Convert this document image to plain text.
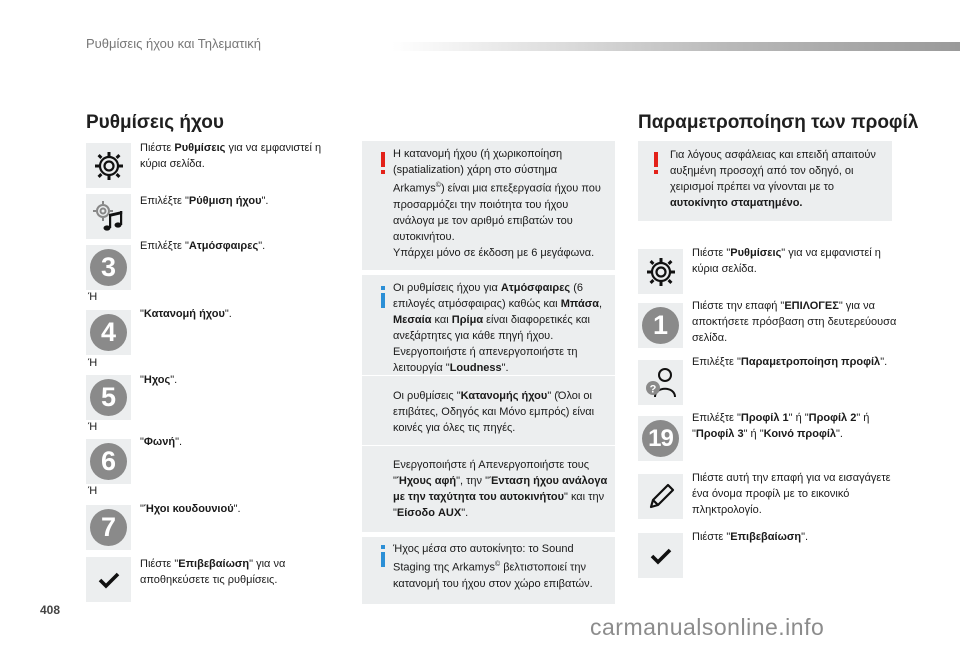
Ρυθμίσεις ήχου και Τηλεματική
Ρυθμίσεις ήχου
Πιέστε Ρυθμίσεις για να εμφανιστεί η κύρια σελίδα.
Επιλέξτε "Ρύθμιση ήχου".
3
Επιλέξτε "Ατμόσφαιρες".
Ή
4
"Κατανομή ήχου".
Ή
5
"Ηχος".
Ή
6
"Φωνή".
Ή
7
"Ήχοι κουδουνιού".
Πιέστε "Επιβεβαίωση" για να αποθηκεύσετε τις ρυθμίσεις.
Η κατανομή ήχου (ή χωρικοποίηση (spatialization) χάρη στο σύστημα Arkamys©) είναι μια επεξεργασία ήχου που προσαρμόζει την ποιότητα του ήχου ανάλογα με τον αριθμό επιβατών του αυτοκινήτου.
Υπάρχει μόνο σε έκδοση με 6 μεγάφωνα.
Οι ρυθμίσεις ήχου για Ατμόσφαιρες (6 επιλογές ατμόσφαιρας) καθώς και Μπάσα, Μεσαία και Πρίμα είναι διαφορετικές και ανεξάρτητες για κάθε πηγή ήχου.
Ενεργοποιήστε ή απενεργοποιήστε τη λειτουργία "Loudness".
Οι ρυθμίσεις "Κατανομής ήχου" (Όλοι οι επιβάτες, Οδηγός και Μόνο εμπρός) είναι κοινές για όλες τις πηγές.
Ενεργοποιήστε ή Απενεργοποιήστε τους "Ήχους αφή", την "Ένταση ήχου ανάλογα με την ταχύτητα του αυτοκινήτου" και την "Είσοδο AUX".
Ήχος μέσα στο αυτοκίνητο: το Sound Staging της Arkamys© βελτιστοποιεί την κατανομή του ήχου στον χώρο επιβατών.
Παραμετροποίηση των προφίλ
Για λόγους ασφάλειας και επειδή απαιτούν αυξημένη προσοχή από τον οδηγό, οι χειρισμοί πρέπει να γίνονται με το αυτοκίνητο σταματημένο.
Πιέστε "Ρυθμίσεις" για να εμφανιστεί η κύρια σελίδα.
1
Πιέστε την επαφή "ΕΠΙΛΟΓΕΣ" για να αποκτήσετε πρόσβαση στη δευτερεύουσα σελίδα.
?
Επιλέξτε "Παραμετροποίηση προφίλ".
19
Επιλέξτε "Προφίλ 1" ή "Προφίλ 2" ή "Προφίλ 3" ή "Κοινό προφίλ".
Πιέστε αυτή την επαφή για να εισαγάγετε ένα όνομα προφίλ με το εικονικό πληκτρολογίο.
Πιέστε "Επιβεβαίωση".
408
carmanualsonline.info
